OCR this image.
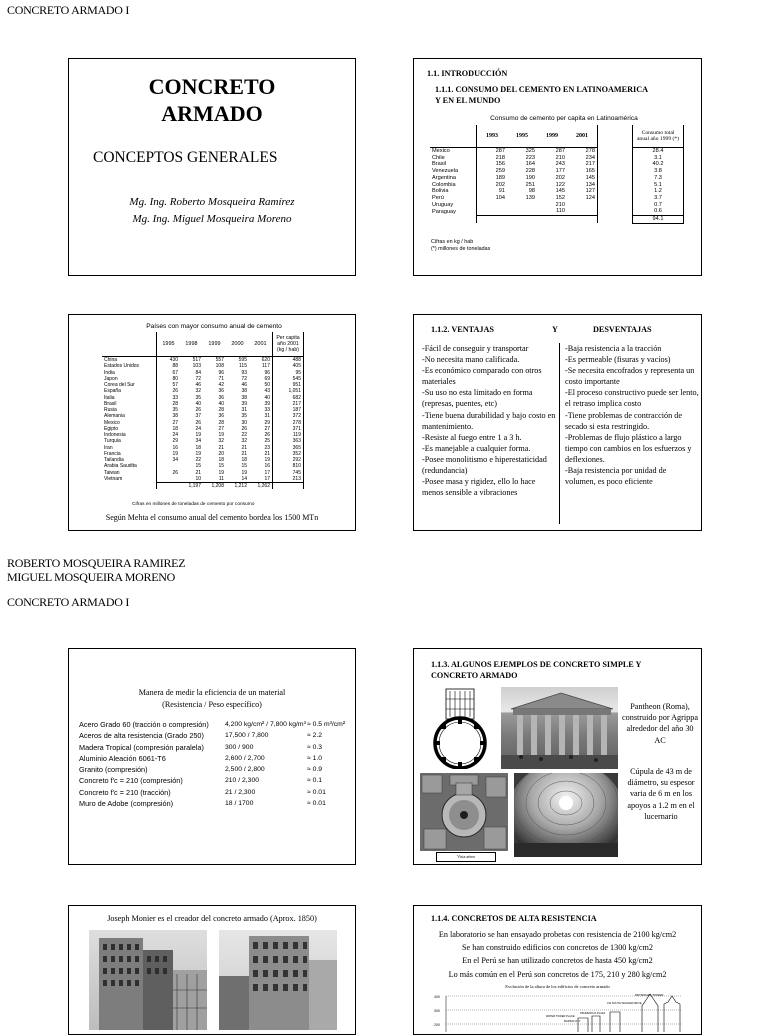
CONCRETO ARMADO I
ROBERTO MOSQUEIRA RAMIREZ
MIGUEL MOSQUEIRA MORENO
CONCRETO ARMADO I
CONCRETO
ARMADO
CONCEPTOS GENERALES
Mg. Ing. Roberto Mosqueira Ramírez
Mg. Ing. Miguel Mosqueira Moreno
1.1. INTRODUCCIÓN
1.1.1. CONSUMO DEL CEMENTO EN LATINOAMERICA
Y EN EL MUNDO
Consumo de cemento per capita en Latinoamérica
	1993	1995	1999	2001		Consumo total anual año 1999 (*)
Mexico	287	325	287	278		28.4
Chile	218	223	210	234		3.1
Brasil	156	164	243	217		40.2
Venezuela	259	228	177	165		3.8
Argentina	189	190	202	145		7.3
Colombia	202	251	122	134		5.1
Bolivia	91	98	145	127		1.2
Perú	104	139	152	124		3.7
Uruguay			210			0.7
Paraguay			110			0.6
						94.1
Cifras en kg / hab
(*) millones de toneladas
Países con mayor consumo anual de cemento
	1995	1998	1999	2000	2001	Per capita año 2001 (kg / hab)
China	430	517	557	595	620	488
Estados Unidos	88	103	108	115	117	405
India	67	84	96	93	96	95
Japon	80	72	71	72	69	545
Corea del Sur	57	46	42	46	50	951
España	26	32	36	38	43	1,051
Italia	33	35	36	38	40	682
Brasil	28	40	40	39	39	217
Rusia	35	26	28	31	33	187
Alemania	38	37	36	35	31	372
Mexico	27	26	28	30	29	278
Egipto	18	24	27	26	27	371
Indonesia	24	19	19	22	26	119
Turquia	29	34	32	32	25	363
Iran	16	18	21	21	23	365
Francia	19	19	20	21	21	352
Tailandia	34	22	18	18	19	292
Arabia Saudita		15	15	15	16	810
Taiwan	26	21	19	19	17	745
Vietnam		10	11	14	17	213
		1,197	1,208	1,212	1,262	
Cifras en millones de toneladas de cemento por consumo
Según Mehta el consumo anual del cemento bordea los 1500 MTn
1.1.2. VENTAJAS	Y	DESVENTAJAS

-Fácil de conseguir y transportar

-No necesita mano calificada.

-Es económico comparado con otros materiales

-Su uso no esta limitado en forma (represas, puentes, etc)

-Tiene buena durabilidad y bajo costo en mantenimiento.

-Resiste al fuego entre 1 a 3 h.

-Es manejable a cualquier forma.

-Posee monolitismo e hiperestaticidad (redundancia)

-Posee masa y rigidez, ello lo hace menos sensible a vibraciones

-Baja resistencia a la tracción

-Es permeable (fisuras y vacíos)

-Se necesita encofrados y representa un costo importante

-El proceso constructivo puede ser lento, el retraso implica costo

-Tiene problemas de contracción de secado si esta restringido.

-Problemas de flujo plástico a largo tiempo con cambios en los esfuerzos y deflexiones.

-Baja resistencia por unidad de volumen, es poco eficiente

Manera de medir la eficiencia de un material
(Resistencia / Peso específico)
Acero Grado 60 (tracción o compresión)	4,200 kg/cm² / 7,800 kg/m³	≈ 0.5 m³/cm²
Aceros de alta resistencia (Grado 250)	17,500 / 7,800	≈ 2.2
Madera Tropical (compresión paralela)	300 / 900	≈ 0.3
Aluminio Aleación 6061-T6	2,600 / 2,700	≈ 1.0
Granito (compresión)	2,500 / 2,800	≈ 0.9
Concreto f'c = 210 (compresión)	210 / 2,300	≈ 0.1
Concreto f'c = 210 (tracción)	21 / 2,300	≈ 0.01
Muro de Adobe (compresión)	18 / 1700	≈ 0.01
1.1.3. ALGUNOS EJEMPLOS DE CONCRETO SIMPLE Y
CONCRETO ARMADO
Vista aérea
Pantheon (Roma), construido por Agrippa alrededor del año 30 AC
Cúpula de 43 m de diámetro, su espesor varia de 6 m en los apoyos a 1.2 m en el lucernario
Joseph Monier es el creador del concreto armado (Aprox. 1850)	1.1.4. CONCRETOS DE ALTA RESISTENCIA
En laboratorio se han ensayado probetas con resistencia de 2100 kg/cm2
Se han construido edificios con concretos de 1300 kg/cm2
En el Perú se han utilizado concretos de hasta 450 kg/cm2
Lo más común en el Perú son concretos de 175, 210 y 280 kg/cm2
Evolución de la altura de los edificios de concreto armado
400
300
200
PETRONAS TOWER
311 SOUTH WACKER DRIVE
WATER TOWER PLACE
PRUDENTIAL PLAZA
MARINA CITY
